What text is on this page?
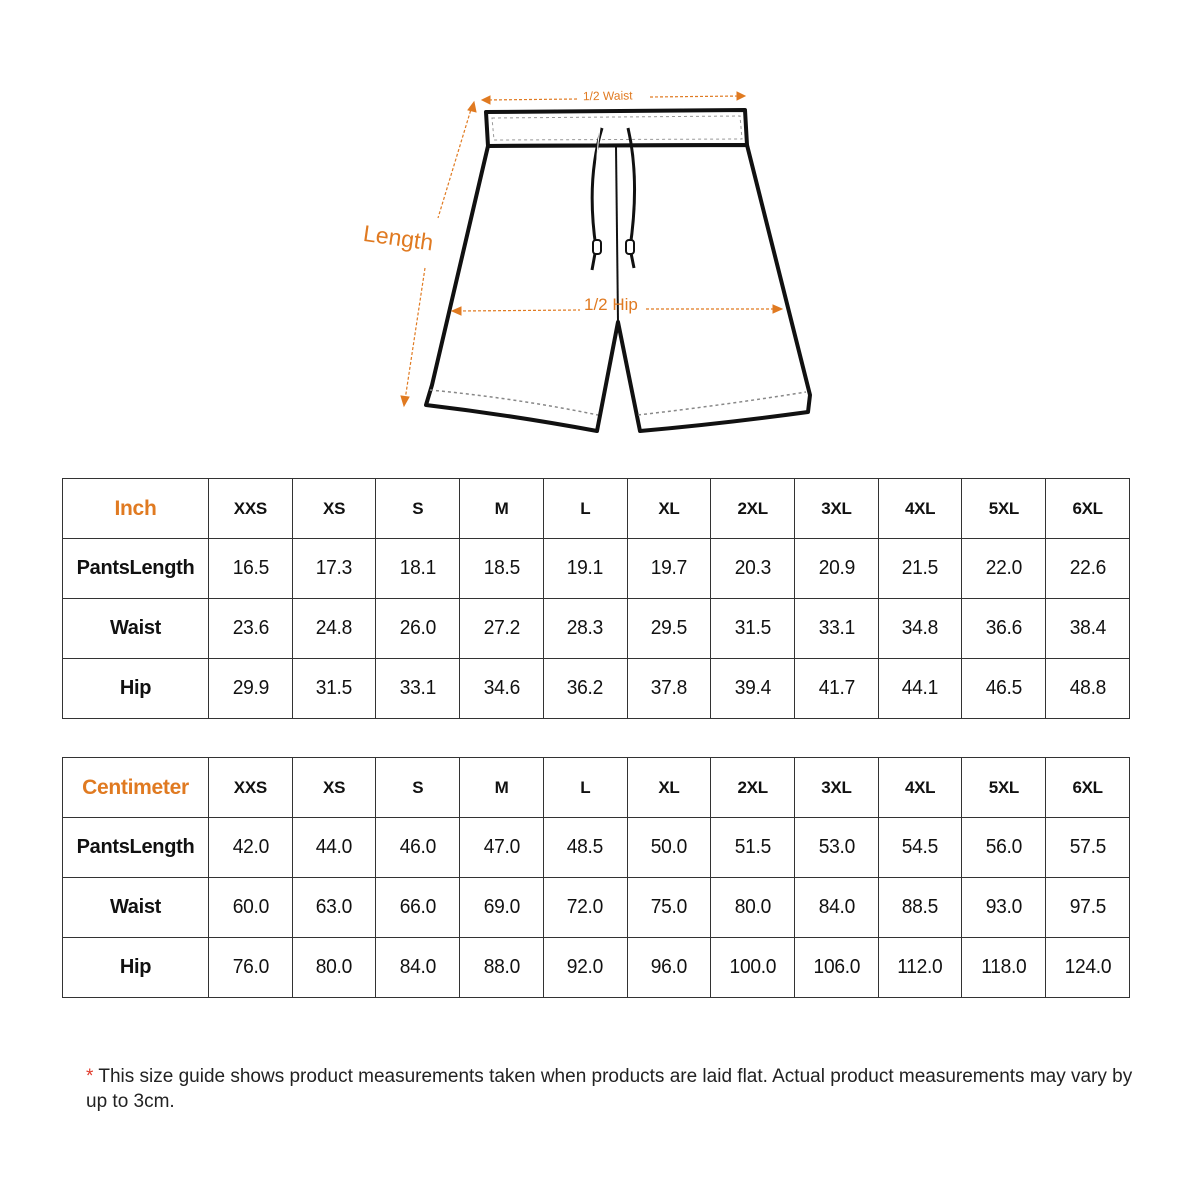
1/2 Waist
Length
1/2 Hip
Inch	XXS	XS	S	M	L	XL	2XL	3XL	4XL	5XL	6XL
PantsLength	16.5	17.3	18.1	18.5	19.1	19.7	20.3	20.9	21.5	22.0	22.6
Waist	23.6	24.8	26.0	27.2	28.3	29.5	31.5	33.1	34.8	36.6	38.4
Hip	29.9	31.5	33.1	34.6	36.2	37.8	39.4	41.7	44.1	46.5	48.8
Centimeter	XXS	XS	S	M	L	XL	2XL	3XL	4XL	5XL	6XL
PantsLength	42.0	44.0	46.0	47.0	48.5	50.0	51.5	53.0	54.5	56.0	57.5
Waist	60.0	63.0	66.0	69.0	72.0	75.0	80.0	84.0	88.5	93.0	97.5
Hip	76.0	80.0	84.0	88.0	92.0	96.0	100.0	106.0	112.0	118.0	124.0
* This size guide shows product measurements taken when products are laid flat. Actual product measurements may vary by up to 3cm.
